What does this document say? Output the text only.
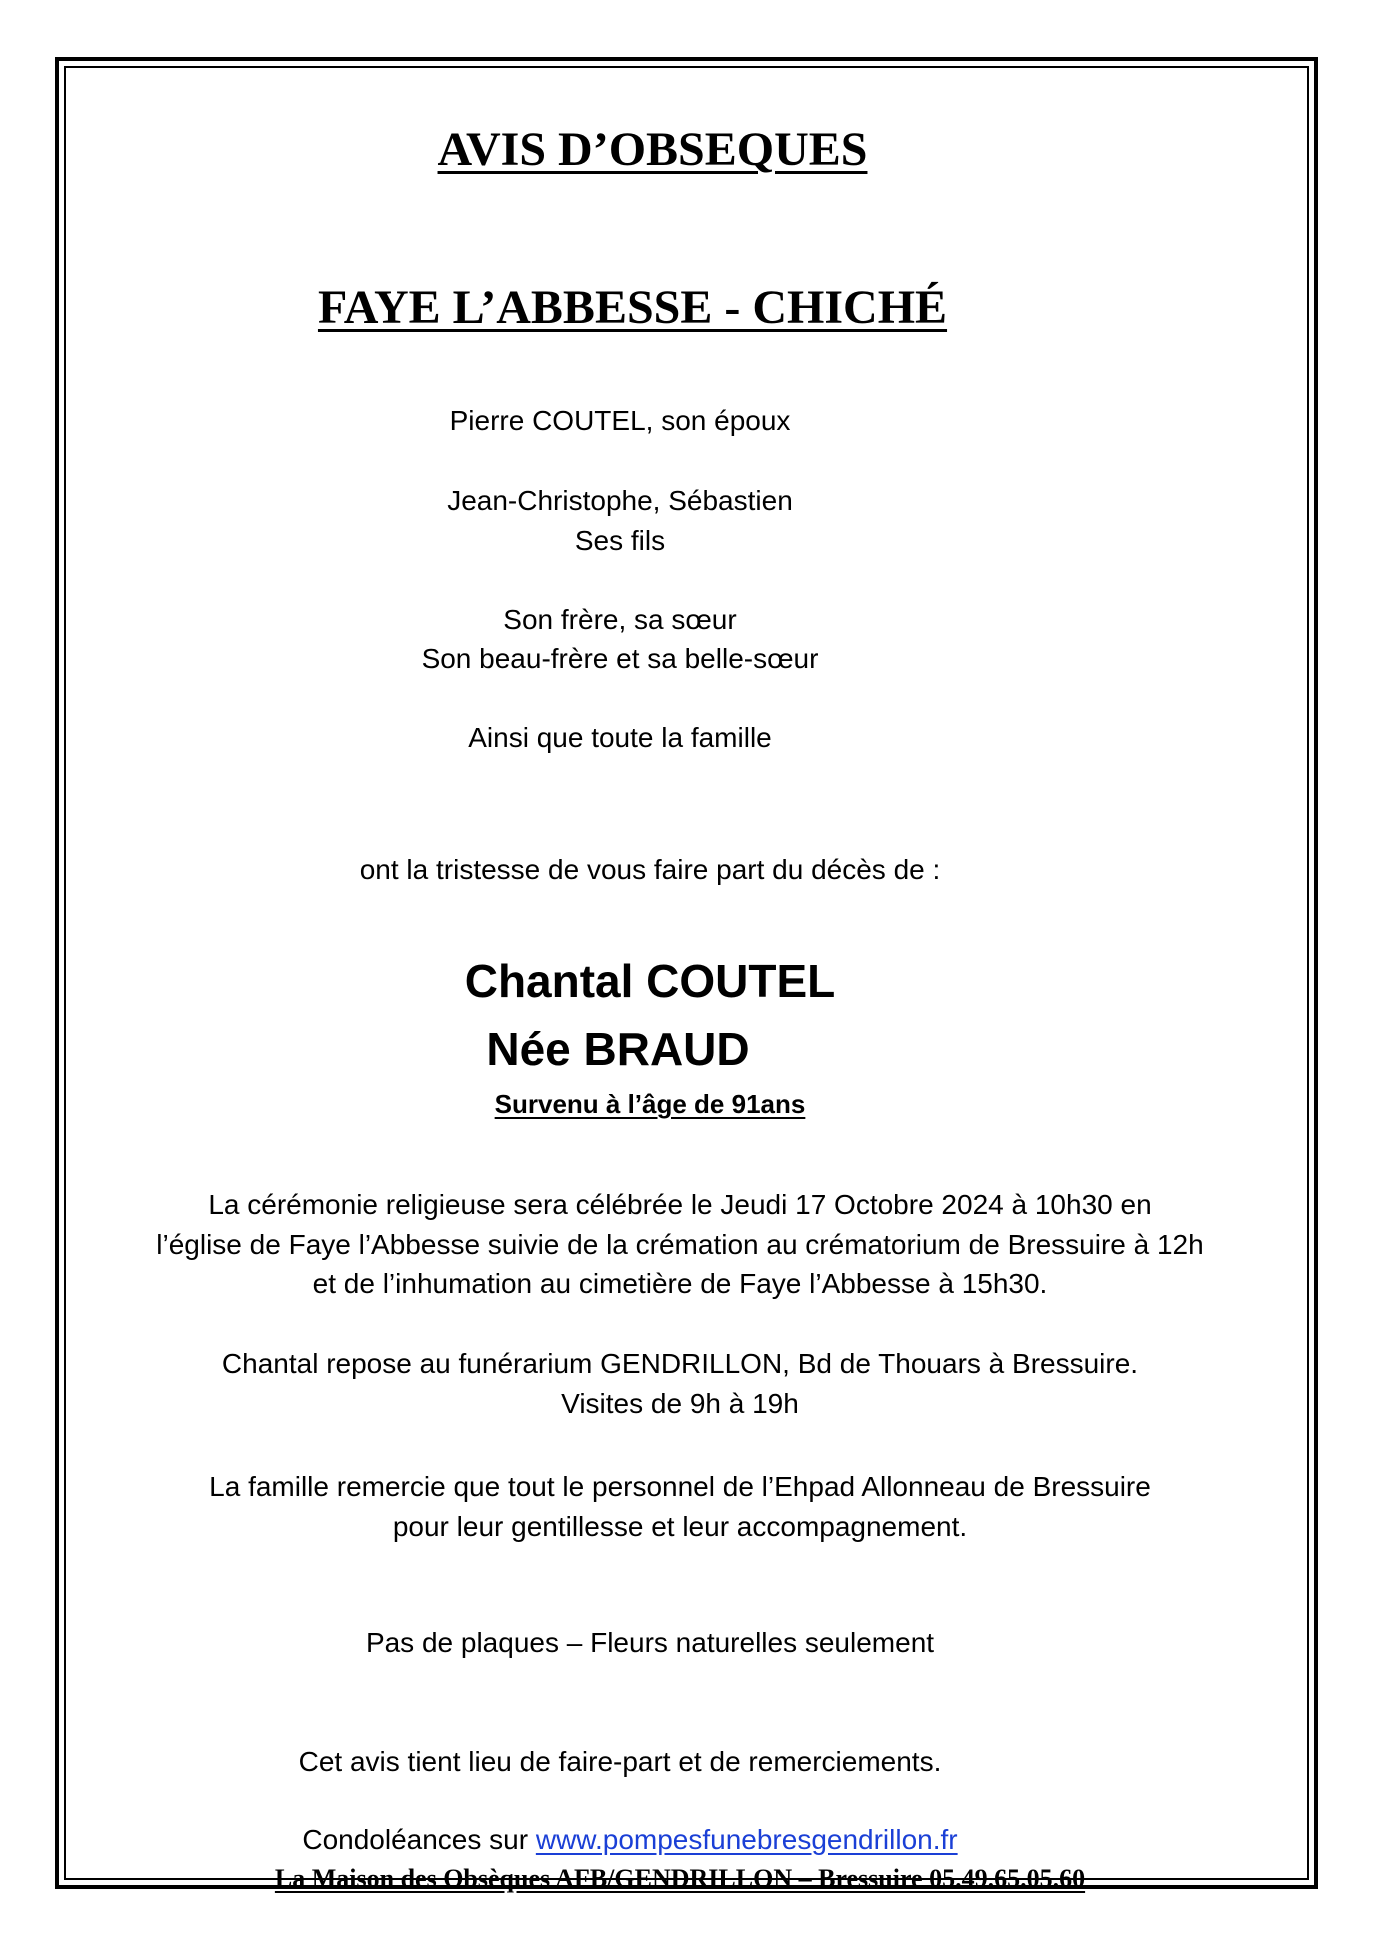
AVIS D’OBSEQUES
FAYE L’ABBESSE - CHICHÉ
Pierre COUTEL, son époux
Jean-Christophe, Sébastien
Ses fils
Son frère, sa sœur
Son beau-frère et sa belle-sœur
Ainsi que toute la famille
ont la tristesse de vous faire part du décès de :
Chantal COUTEL
Née BRAUD
Survenu à l’âge de 91ans
La cérémonie religieuse sera célébrée le Jeudi 17 Octobre 2024 à 10h30 en
l’église de Faye l’Abbesse suivie de la crémation au crématorium de Bressuire à 12h
et de l’inhumation au cimetière de Faye l’Abbesse à 15h30.
Chantal repose au funérarium GENDRILLON, Bd de Thouars à Bressuire.
Visites de 9h à 19h
La famille remercie que tout le personnel de l’Ehpad Allonneau de Bressuire
pour leur gentillesse et leur accompagnement.
Pas de plaques – Fleurs naturelles seulement
Cet avis tient lieu de faire-part et de remerciements.
Condoléances sur www.pompesfunebresgendrillon.fr
La Maison des Obsèques AFB/GENDRILLON – Bressuire 05.49.65.05.60
